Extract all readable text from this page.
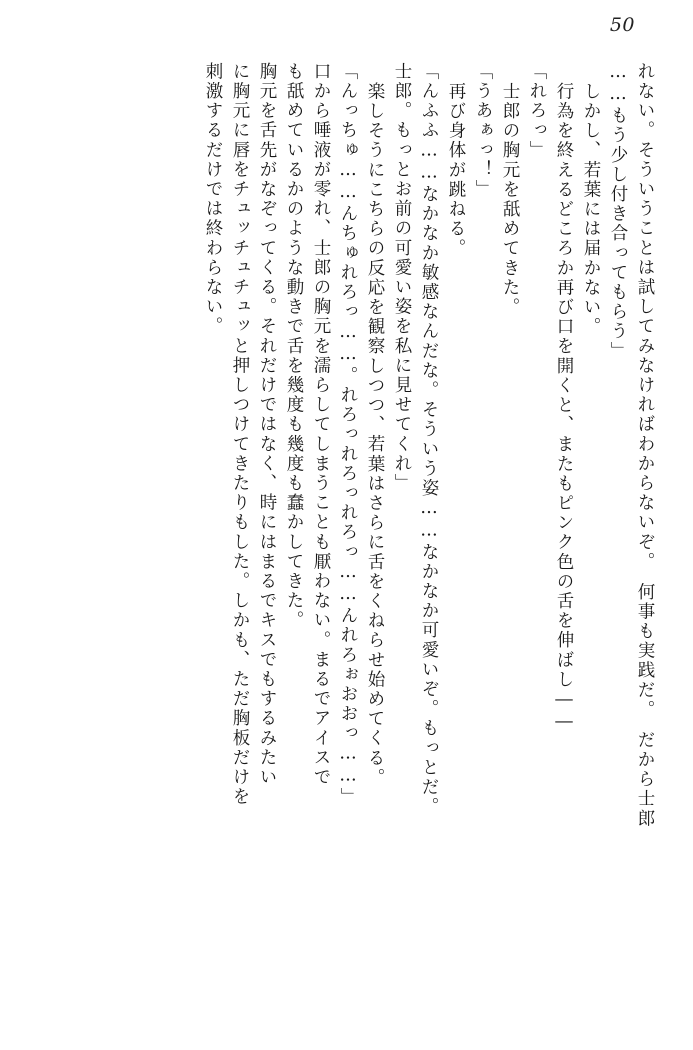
50
れない。そういうことは試してみなければわからないぞ。　何事も実践だ。　だから士郎
……もう少し付き合ってもらう」
しかし、若葉には届かない。
行為を終えるどころか再び口を開くと、またもピンク色の舌を伸ばし――
「れろっ」
士郎の胸元を舐めてきた。
「うあぁっ！」
再び身体が跳ねる。
「んふふ……なかなか敏感なんだな。そういう姿……なかなか可愛いぞ。もっとだ。
士郎。もっとお前の可愛い姿を私に見せてくれ」
楽しそうにこちらの反応を観察しつつ、若葉はさらに舌をくねらせ始めてくる。
「んっちゅ……んちゅれろっ……。れろっれろっれろっ……んれろぉおおっ……」
口から唾液が零れ、士郎の胸元を濡らしてしまうことも厭わない。まるでアイスで
も舐めているかのような動きで舌を幾度も幾度も蠢かしてきた。
胸元を舌先がなぞってくる。それだけではなく、時にはまるでキスでもするみたい
に胸元に唇をチュッチュチュッと押しつけてきたりもした。しかも、ただ胸板だけを
刺激するだけでは終わらない。
